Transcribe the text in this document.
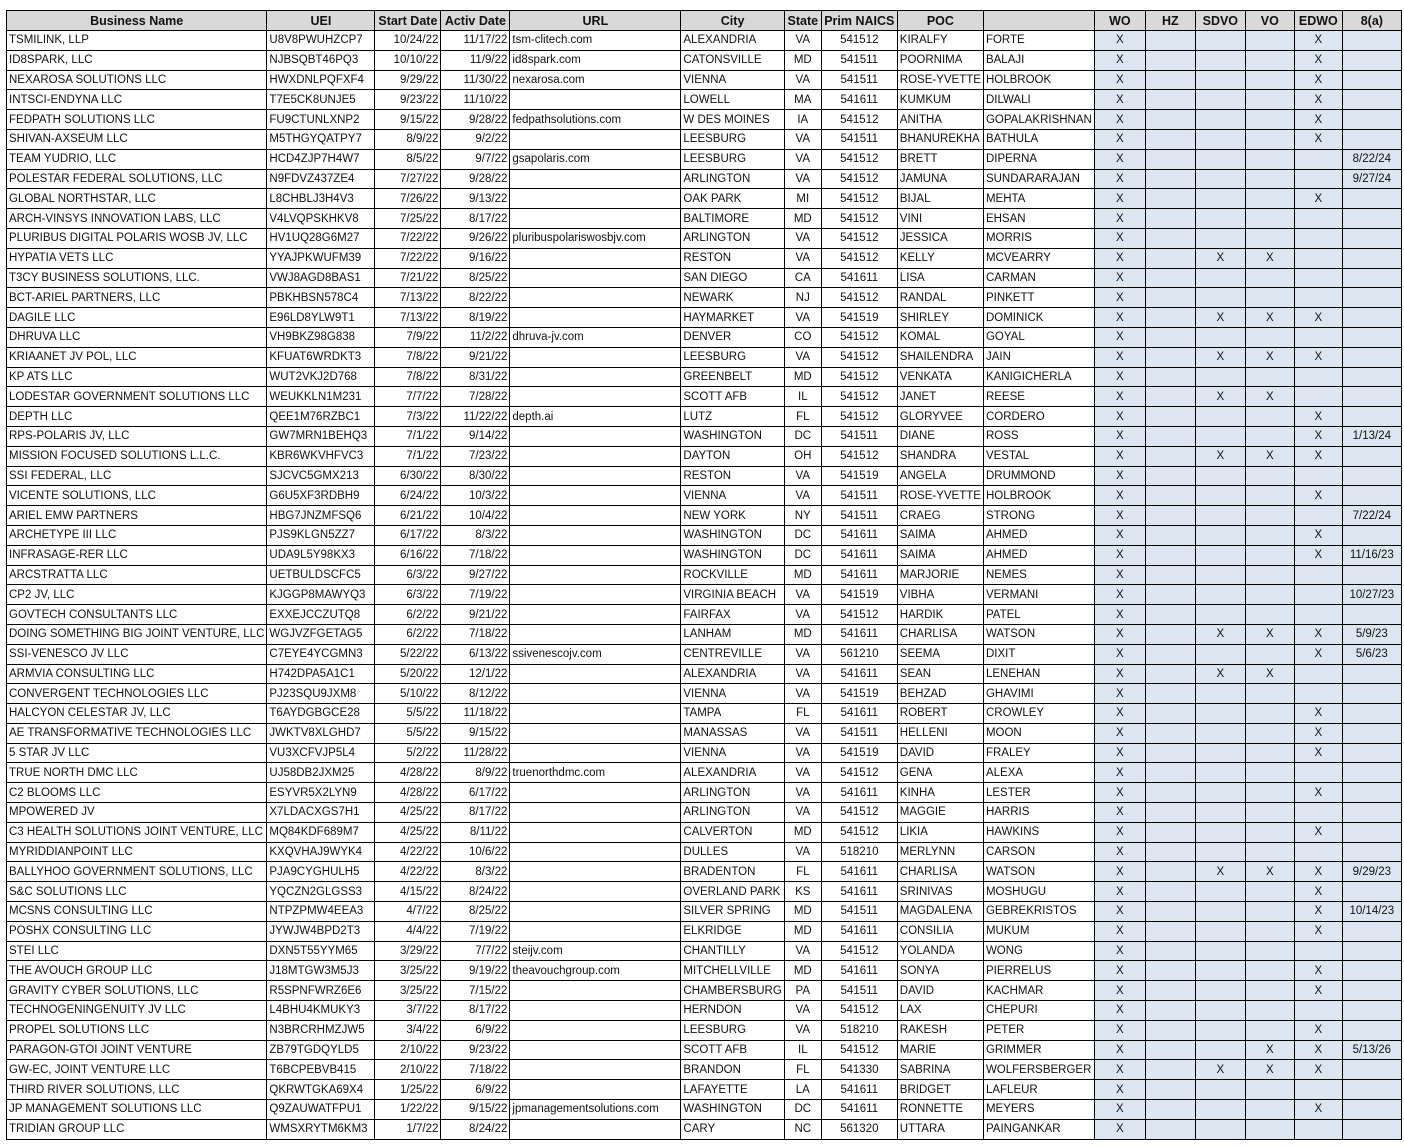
Business Name	UEI	Start Date	Activ Date	URL	City	State	Prim NAICS	POC		WO	HZ	SDVO	VO	EDWO	8(a)
TSMILINK, LLP	U8V8PWUHZCP7	10/24/22	11/17/22	tsm-clitech.com	ALEXANDRIA	VA	541512	KIRALFY	FORTE	X				X	
ID8SPARK, LLC	NJBSQBT46PQ3	10/10/22	11/9/22	id8spark.com	CATONSVILLE	MD	541511	POORNIMA	BALAJI	X				X	
NEXAROSA SOLUTIONS LLC	HWXDNLPQFXF4	9/29/22	11/30/22	nexarosa.com	VIENNA	VA	541511	ROSE-YVETTE	HOLBROOK	X				X	
INTSCI-ENDYNA LLC	T7E5CK8UNJE5	9/23/22	11/10/22		LOWELL	MA	541611	KUMKUM	DILWALI	X				X	
FEDPATH SOLUTIONS LLC	FU9CTUNLXNP2	9/15/22	9/28/22	fedpathsolutions.com	W DES MOINES	IA	541512	ANITHA	GOPALAKRISHNAN	X				X	
SHIVAN-AXSEUM LLC	M5THGYQATPY7	8/9/22	9/2/22		LEESBURG	VA	541511	BHANUREKHA	BATHULA	X				X	
TEAM YUDRIO, LLC	HCD4ZJP7H4W7	8/5/22	9/7/22	gsapolaris.com	LEESBURG	VA	541512	BRETT	DIPERNA	X					8/22/24
POLESTAR FEDERAL SOLUTIONS, LLC	N9FDVZ437ZE4	7/27/22	9/28/22		ARLINGTON	VA	541512	JAMUNA	SUNDARARAJAN	X					9/27/24
GLOBAL NORTHSTAR, LLC	L8CHBLJ3H4V3	7/26/22	9/13/22		OAK PARK	MI	541512	BIJAL	MEHTA	X				X	
ARCH-VINSYS INNOVATION LABS, LLC	V4LVQPSKHKV8	7/25/22	8/17/22		BALTIMORE	MD	541512	VINI	EHSAN	X					
PLURIBUS DIGITAL POLARIS WOSB JV, LLC	HV1UQ28G6M27	7/22/22	9/26/22	pluribuspolariswosbjv.com	ARLINGTON	VA	541512	JESSICA	MORRIS	X					
HYPATIA VETS LLC	YYAJPKWUFM39	7/22/22	9/16/22		RESTON	VA	541512	KELLY	MCVEARRY	X		X	X		
T3CY BUSINESS SOLUTIONS, LLC.	VWJ8AGD8BAS1	7/21/22	8/25/22		SAN DIEGO	CA	541611	LISA	CARMAN	X					
BCT-ARIEL PARTNERS, LLC	PBKHBSN578C4	7/13/22	8/22/22		NEWARK	NJ	541512	RANDAL	PINKETT	X					
DAGILE LLC	E96LD8YLW9T1	7/13/22	8/19/22		HAYMARKET	VA	541519	SHIRLEY	DOMINICK	X		X	X	X	
DHRUVA LLC	VH9BKZ98G838	7/9/22	11/2/22	dhruva-jv.com	DENVER	CO	541512	KOMAL	GOYAL	X					
KRIAANET JV POL, LLC	KFUAT6WRDKT3	7/8/22	9/21/22		LEESBURG	VA	541512	SHAILENDRA	JAIN	X		X	X	X	
KP ATS LLC	WUT2VKJ2D768	7/8/22	8/31/22		GREENBELT	MD	541512	VENKATA	KANIGICHERLA	X					
LODESTAR GOVERNMENT SOLUTIONS LLC	WEUKKLN1M231	7/7/22	7/28/22		SCOTT AFB	IL	541512	JANET	REESE	X		X	X		
DEPTH LLC	QEE1M76RZBC1	7/3/22	11/22/22	depth.ai	LUTZ	FL	541512	GLORYVEE	CORDERO	X				X	
RPS-POLARIS JV, LLC	GW7MRN1BEHQ3	7/1/22	9/14/22		WASHINGTON	DC	541511	DIANE	ROSS	X				X	1/13/24
MISSION FOCUSED SOLUTIONS L.L.C.	KBR6WKVHFVC3	7/1/22	7/23/22		DAYTON	OH	541512	SHANDRA	VESTAL	X		X	X	X	
SSI FEDERAL, LLC	SJCVC5GMX213	6/30/22	8/30/22		RESTON	VA	541519	ANGELA	DRUMMOND	X					
VICENTE SOLUTIONS, LLC	G6U5XF3RDBH9	6/24/22	10/3/22		VIENNA	VA	541511	ROSE-YVETTE	HOLBROOK	X				X	
ARIEL EMW PARTNERS	HBG7JNZMFSQ6	6/21/22	10/4/22		NEW YORK	NY	541511	CRAEG	STRONG	X					7/22/24
ARCHETYPE III LLC	PJS9KLGN5ZZ7	6/17/22	8/3/22		WASHINGTON	DC	541611	SAIMA	AHMED	X				X	
INFRASAGE-RER LLC	UDA9L5Y98KX3	6/16/22	7/18/22		WASHINGTON	DC	541611	SAIMA	AHMED	X				X	11/16/23
ARCSTRATTA LLC	UETBULDSCFC5	6/3/22	9/27/22		ROCKVILLE	MD	541611	MARJORIE	NEMES	X					
CP2 JV, LLC	KJGGP8MAWYQ3	6/3/22	7/19/22		VIRGINIA BEACH	VA	541519	VIBHA	VERMANI	X					10/27/23
GOVTECH CONSULTANTS LLC	EXXEJCCZUTQ8	6/2/22	9/21/22		FAIRFAX	VA	541512	HARDIK	PATEL	X					
DOING SOMETHING BIG JOINT VENTURE, LLC	WGJVZFGETAG5	6/2/22	7/18/22		LANHAM	MD	541611	CHARLISA	WATSON	X		X	X	X	5/9/23
SSI-VENESCO JV LLC	C7EYE4YCGMN3	5/22/22	6/13/22	ssivenescojv.com	CENTREVILLE	VA	561210	SEEMA	DIXIT	X				X	5/6/23
ARMVIA CONSULTING LLC	H742DPA5A1C1	5/20/22	12/1/22		ALEXANDRIA	VA	541611	SEAN	LENEHAN	X		X	X		
CONVERGENT TECHNOLOGIES LLC	PJ23SQU9JXM8	5/10/22	8/12/22		VIENNA	VA	541519	BEHZAD	GHAVIMI	X					
HALCYON CELESTAR JV, LLC	T6AYDGBGCE28	5/5/22	11/18/22		TAMPA	FL	541611	ROBERT	CROWLEY	X				X	
AE TRANSFORMATIVE TECHNOLOGIES LLC	JWKTV8XLGHD7	5/5/22	9/15/22		MANASSAS	VA	541511	HELLENI	MOON	X				X	
5 STAR JV LLC	VU3XCFVJP5L4	5/2/22	11/28/22		VIENNA	VA	541519	DAVID	FRALEY	X				X	
TRUE NORTH DMC LLC	UJ58DB2JXM25	4/28/22	8/9/22	truenorthdmc.com	ALEXANDRIA	VA	541512	GENA	ALEXA	X					
C2 BLOOMS LLC	ESYVR5X2LYN9	4/28/22	6/17/22		ARLINGTON	VA	541611	KINHA	LESTER	X				X	
MPOWERED JV	X7LDACXGS7H1	4/25/22	8/17/22		ARLINGTON	VA	541512	MAGGIE	HARRIS	X					
C3 HEALTH SOLUTIONS JOINT VENTURE, LLC	MQ84KDF689M7	4/25/22	8/11/22		CALVERTON	MD	541512	LIKIA	HAWKINS	X				X	
MYRIDDIANPOINT LLC	KXQVHAJ9WYK4	4/22/22	10/6/22		DULLES	VA	518210	MERLYNN	CARSON	X					
BALLYHOO GOVERNMENT SOLUTIONS, LLC	PJA9CYGHULH5	4/22/22	8/3/22		BRADENTON	FL	541611	CHARLISA	WATSON	X		X	X	X	9/29/23
S&C SOLUTIONS LLC	YQCZN2GLGSS3	4/15/22	8/24/22		OVERLAND PARK	KS	541611	SRINIVAS	MOSHUGU	X				X	
MCSNS CONSULTING LLC	NTPZPMW4EEA3	4/7/22	8/25/22		SILVER SPRING	MD	541511	MAGDALENA	GEBREKRISTOS	X				X	10/14/23
POSHX CONSULTING LLC	JYWJW4BPD2T3	4/4/22	7/19/22		ELKRIDGE	MD	541611	CONSILIA	MUKUM	X				X	
STEI LLC	DXN5T55YYM65	3/29/22	7/7/22	steijv.com	CHANTILLY	VA	541512	YOLANDA	WONG	X					
THE AVOUCH GROUP LLC	J18MTGW3M5J3	3/25/22	9/19/22	theavouchgroup.com	MITCHELLVILLE	MD	541611	SONYA	PIERRELUS	X				X	
GRAVITY CYBER SOLUTIONS, LLC	R5SPNFWRZ6E6	3/25/22	7/15/22		CHAMBERSBURG	PA	541511	DAVID	KACHMAR	X				X	
TECHNOGENINGENUITY JV LLC	L4BHU4KMUKY3	3/7/22	8/17/22		HERNDON	VA	541512	LAX	CHEPURI	X					
PROPEL SOLUTIONS LLC	N3BRCRHMZJW5	3/4/22	6/9/22		LEESBURG	VA	518210	RAKESH	PETER	X				X	
PARAGON-GTOI JOINT VENTURE	ZB79TGDQYLD5	2/10/22	9/23/22		SCOTT AFB	IL	541512	MARIE	GRIMMER	X			X	X	5/13/26
GW-EC, JOINT VENTURE LLC	T6BCPEBVB415	2/10/22	7/18/22		BRANDON	FL	541330	SABRINA	WOLFERSBERGER	X		X	X	X	
THIRD RIVER SOLUTIONS, LLC	QKRWTGKA69X4	1/25/22	6/9/22		LAFAYETTE	LA	541611	BRIDGET	LAFLEUR	X					
JP MANAGEMENT SOLUTIONS LLC	Q9ZAUWATFPU1	1/22/22	9/15/22	jpmanagementsolutions.com	WASHINGTON	DC	541611	RONNETTE	MEYERS	X				X	
TRIDIAN GROUP LLC	WMSXRYTM6KM3	1/7/22	8/24/22		CARY	NC	561320	UTTARA	PAINGANKAR	X					
